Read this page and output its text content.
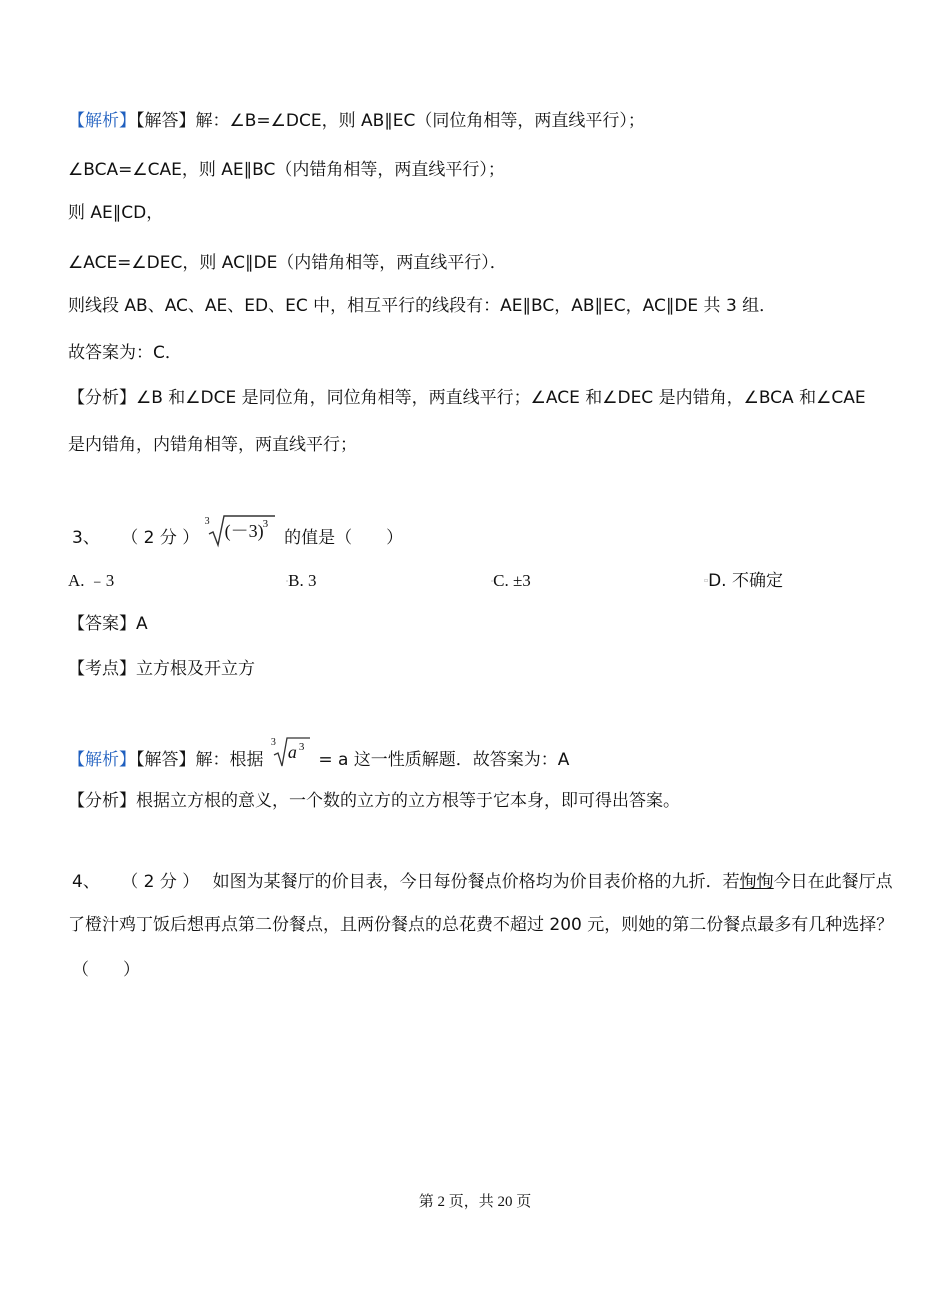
【解析】【解答】解：∠B=∠DCE，则 AB∥EC（同位角相等，两直线平行）；
∠BCA=∠CAE，则 AE∥BC（内错角相等，两直线平行）；
则 AE∥CD，
∠ACE=∠DEC，则 AC∥DE（内错角相等，两直线平行）．
则线段 AB、AC、AE、ED、EC 中，相互平行的线段有：AE∥BC，AB∥EC，AC∥DE 共 3 组．
故答案为：C．
【分析】∠B 和∠DCE 是同位角，同位角相等，两直线平行；∠ACE 和∠DEC 是内错角，∠BCA 和∠CAE
是内错角，内错角相等，两直线平行；
3、 （ 2 分 ）
3 (－3) 3
的值是（　　）
A. ﹣3	▫B. 3	▫C. ±3	▫D. 不确定
【答案】A
【考点】立方根及开立方
【解析】【解答】解：根据
3 a 3
= a 这一性质解题．故答案为：A
【分析】根据立方根的意义，一个数的立方的立方根等于它本身，即可得出答案。
4、 （ 2 分 ） 如图为某餐厅的价目表，今日每份餐点价格均为价目表价格的九折．若恂恂今日在此餐厅点
了橙汁鸡丁饭后想再点第二份餐点，且两份餐点的总花费不超过 200 元，则她的第二份餐点最多有几种选择？
（　　）
第 2 页，共 20 页
